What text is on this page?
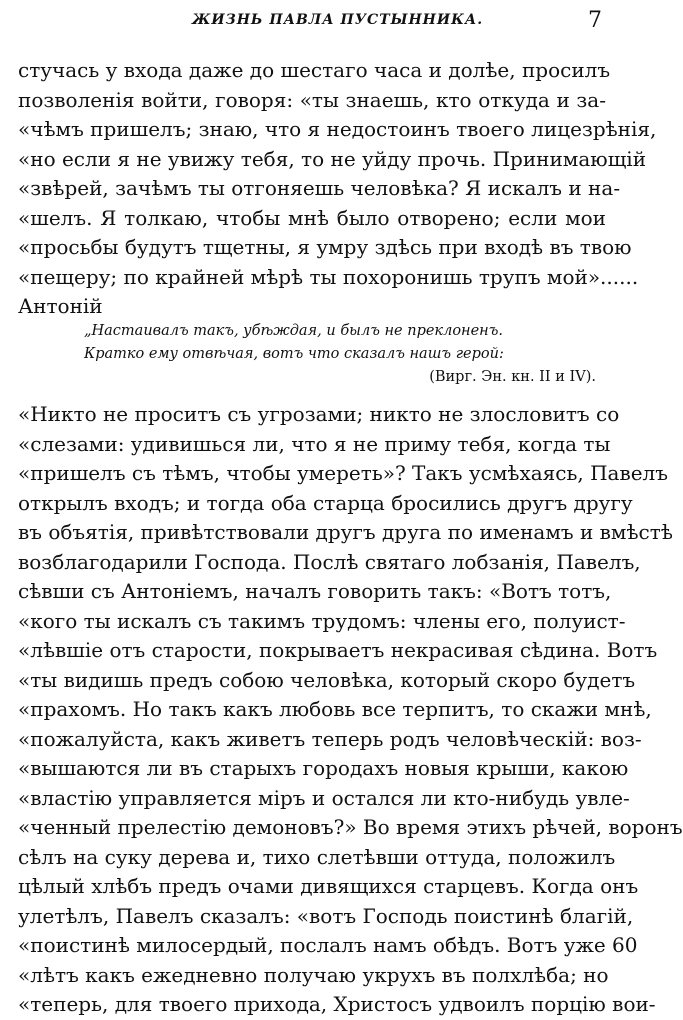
ЖИЗНЬ ПАВЛА ПУСТЫННИКА.	7
стучась у входа даже до шестаго часа и долѣе, просилъ
позволенія войти, говоря: «ты знаешь, кто откуда и за-
«чѣмъ пришелъ; знаю, что я недостоинъ твоего лицезрѣнія,
«но если я не увижу тебя, то не уйду прочь. Принимающій
«звѣрей, зачѣмъ ты отгоняешь человѣка? Я искалъ и на-
«шелъ. Я толкаю, чтобы мнѣ было отворено; если мои
«просьбы будутъ тщетны, я умру здѣсь при входѣ въ твою
«пещеру; по крайней мѣрѣ ты похоронишь трупъ мой»......
Антоній
„Настаивалъ такъ, убѣждая, и былъ не преклоненъ.
Кратко ему отвѣчая, вотъ что сказалъ нашъ герой:
(Вирг. Эн. кн. II и IV).
«Никто не проситъ съ угрозами; никто не злословитъ со
«слезами: удивишься ли, что я не приму тебя, когда ты
«пришелъ съ тѣмъ, чтобы умереть»? Такъ усмѣхаясь, Павелъ
открылъ входъ; и тогда оба старца бросились другъ другу
въ объятія, привѣтствовали другъ друга по именамъ и вмѣстѣ
возблагодарили Господа. Послѣ святаго лобзанія, Павелъ,
сѣвши съ Антоніемъ, началъ говорить такъ: «Вотъ тотъ,
«кого ты искалъ съ такимъ трудомъ: члены его, полуист-
«лѣвшіе отъ старости, покрываетъ некрасивая сѣдина. Вотъ
«ты видишь предъ собою человѣка, который скоро будетъ
«прахомъ. Но такъ какъ любовь все терпитъ, то скажи мнѣ,
«пожалуйста, какъ живетъ теперь родъ человѣческій: воз-
«вышаются ли въ старыхъ городахъ новыя крыши, какою
«властію управляется міръ и остался ли кто-нибудь увле-
«ченный прелестію демоновъ?» Во время этихъ рѣчей, воронъ
сѣлъ на суку дерева и, тихо слетѣвши оттуда, положилъ
цѣлый хлѣбъ предъ очами дивящихся старцевъ. Когда онъ
улетѣлъ, Павелъ сказалъ: «вотъ Господь поистинѣ благій,
«поистинѣ милосердый, послалъ намъ обѣдъ. Вотъ уже 60
«лѣтъ какъ ежедневно получаю укрухъ въ полхлѣба; но
«теперь, для твоего прихода, Христосъ удвоилъ порцію вои-
